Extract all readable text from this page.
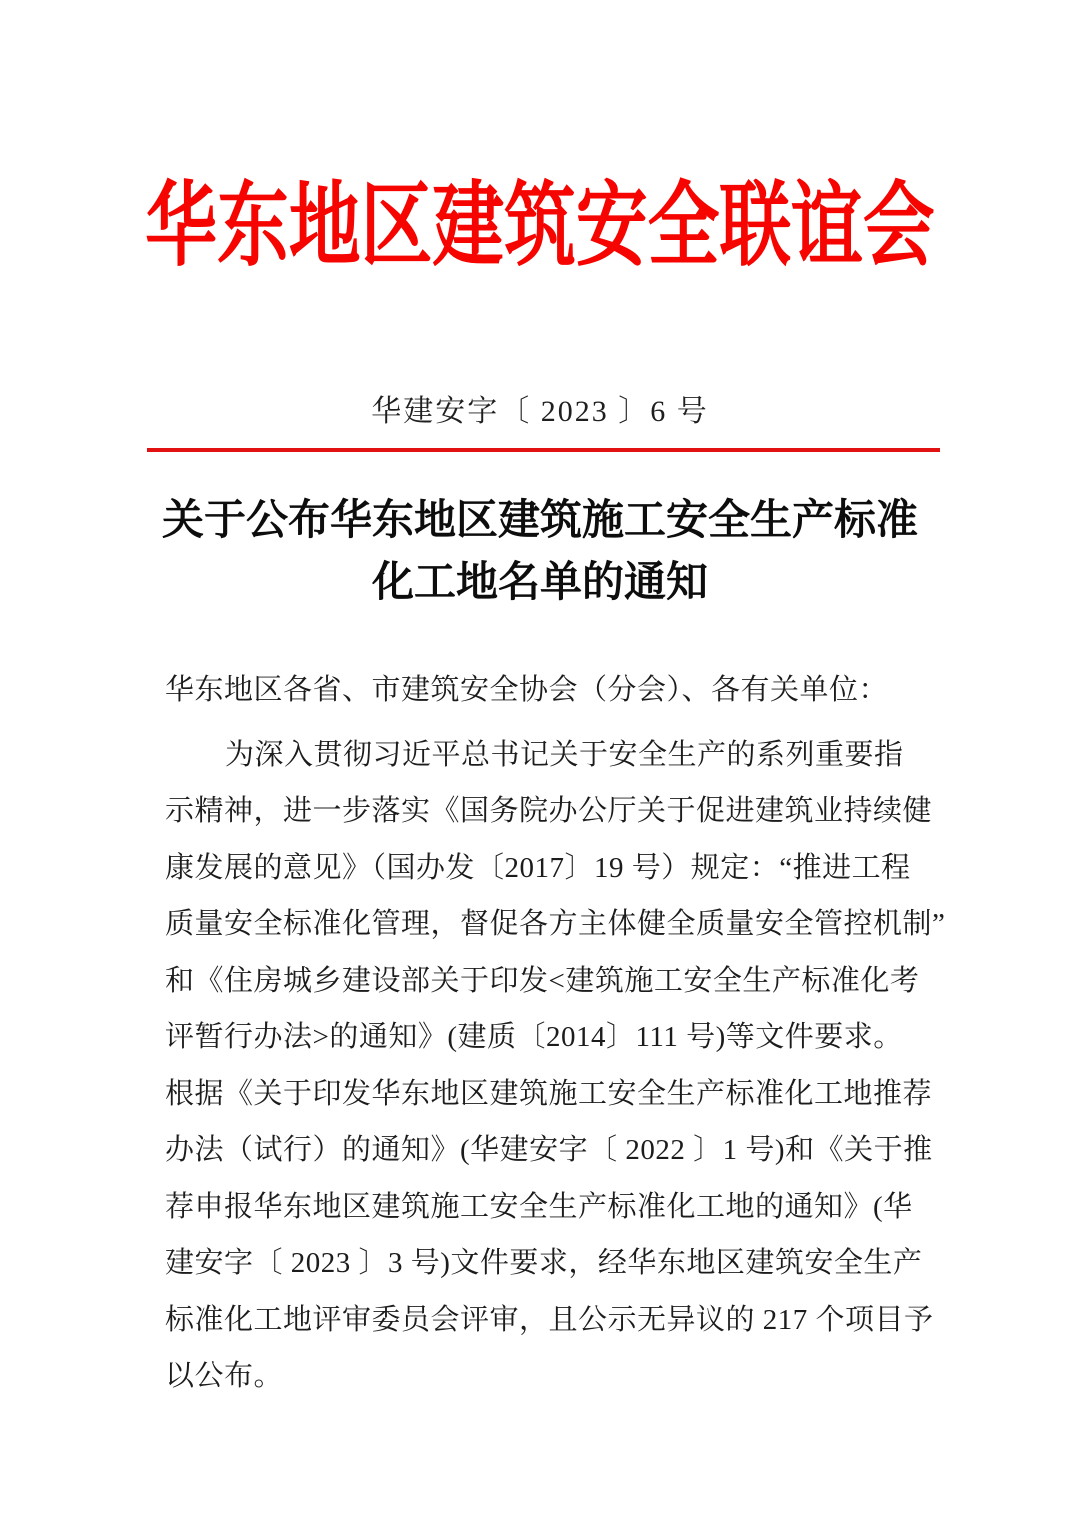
华东地区建筑安全联谊会
华建安字〔 2023 〕6 号
关于公布华东地区建筑施工安全生产标准
化工地名单的通知
华东地区各省、市建筑安全协会（分会）、各有关单位：
为深入贯彻习近平总书记关于安全生产的系列重要指
示精神，进一步落实《国务院办公厅关于促进建筑业持续健
康发展的意见》（国办发〔2017〕19 号）规定：“推进工程
质量安全标准化管理，督促各方主体健全质量安全管控机制”
和《住房城乡建设部关于印发<建筑施工安全生产标准化考
评暂行办法>的通知》(建质〔2014〕111 号)等文件要求。
根据《关于印发华东地区建筑施工安全生产标准化工地推荐
办法（试行）的通知》(华建安字〔 2022 〕1 号)和《关于推
荐申报华东地区建筑施工安全生产标准化工地的通知》(华
建安字〔 2023 〕3 号)文件要求，经华东地区建筑安全生产
标准化工地评审委员会评审，且公示无异议的 217 个项目予
以公布。
